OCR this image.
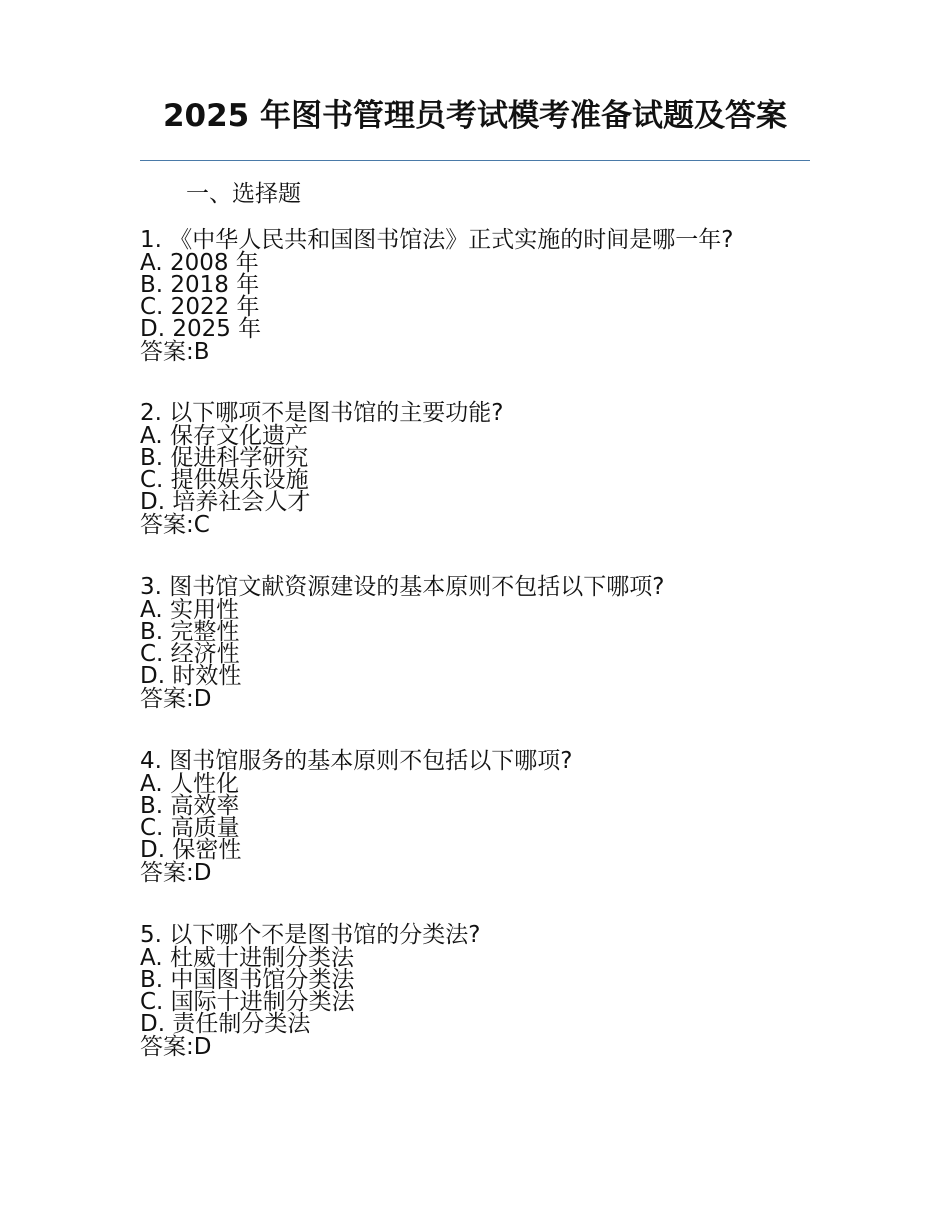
2025 年图书管理员考试模考准备试题及答案
一、选择题
1. 《中华人民共和国图书馆法》正式实施的时间是哪一年?
A. 2008 年
B. 2018 年
C. 2022 年
D. 2025 年
答案:B
2. 以下哪项不是图书馆的主要功能?
A. 保存文化遗产
B. 促进科学研究
C. 提供娱乐设施
D. 培养社会人才
答案:C
3. 图书馆文献资源建设的基本原则不包括以下哪项?
A. 实用性
B. 完整性
C. 经济性
D. 时效性
答案:D
4. 图书馆服务的基本原则不包括以下哪项?
A. 人性化
B. 高效率
C. 高质量
D. 保密性
答案:D
5. 以下哪个不是图书馆的分类法?
A. 杜威十进制分类法
B. 中国图书馆分类法
C. 国际十进制分类法
D. 责任制分类法
答案:D
